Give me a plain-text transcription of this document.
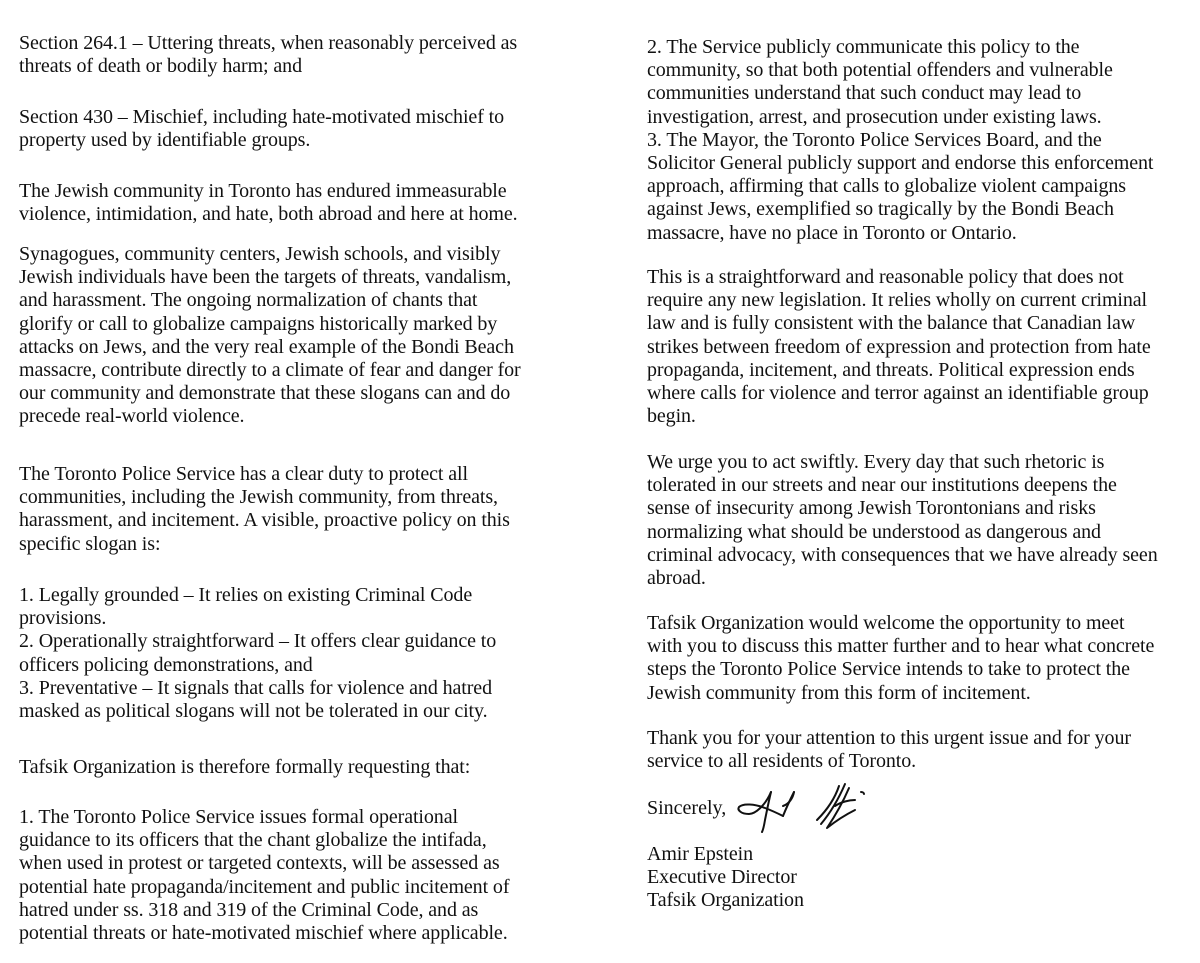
Section 264.1 – Uttering threats, when reasonably perceived as
threats of death or bodily harm; and

Section 430 – Mischief, including hate-motivated mischief to
property used by identifiable groups.

The Jewish community in Toronto has endured immeasurable
violence, intimidation, and hate, both abroad and here at home.

Synagogues, community centers, Jewish schools, and visibly
Jewish individuals have been the targets of threats, vandalism,
and harassment. The ongoing normalization of chants that
glorify or call to globalize campaigns historically marked by
attacks on Jews, and the very real example of the Bondi Beach
massacre, contribute directly to a climate of fear and danger for
our community and demonstrate that these slogans can and do
precede real-world violence.

The Toronto Police Service has a clear duty to protect all
communities, including the Jewish community, from threats,
harassment, and incitement. A visible, proactive policy on this
specific slogan is:

1. Legally grounded – It relies on existing Criminal Code
provisions.
2. Operationally straightforward – It offers clear guidance to
officers policing demonstrations, and
3. Preventative – It signals that calls for violence and hatred
masked as political slogans will not be tolerated in our city.

Tafsik Organization is therefore formally requesting that:

1. The Toronto Police Service issues formal operational
guidance to its officers that the chant globalize the intifada,
when used in protest or targeted contexts, will be assessed as
potential hate propaganda/incitement and public incitement of
hatred under ss. 318 and 319 of the Criminal Code, and as
potential threats or hate-motivated mischief where applicable.

2. The Service publicly communicate this policy to the
community, so that both potential offenders and vulnerable
communities understand that such conduct may lead to
investigation, arrest, and prosecution under existing laws.
3. The Mayor, the Toronto Police Services Board, and the
Solicitor General publicly support and endorse this enforcement
approach, affirming that calls to globalize violent campaigns
against Jews, exemplified so tragically by the Bondi Beach
massacre, have no place in Toronto or Ontario.

This is a straightforward and reasonable policy that does not
require any new legislation. It relies wholly on current criminal
law and is fully consistent with the balance that Canadian law
strikes between freedom of expression and protection from hate
propaganda, incitement, and threats. Political expression ends
where calls for violence and terror against an identifiable group
begin.

We urge you to act swiftly. Every day that such rhetoric is
tolerated in our streets and near our institutions deepens the
sense of insecurity among Jewish Torontonians and risks
normalizing what should be understood as dangerous and
criminal advocacy, with consequences that we have already seen
abroad.

Tafsik Organization would welcome the opportunity to meet
with you to discuss this matter further and to hear what concrete
steps the Toronto Police Service intends to take to protect the
Jewish community from this form of incitement.

Thank you for your attention to this urgent issue and for your
service to all residents of Toronto.

Sincerely,

Amir Epstein
Executive Director
Tafsik Organization
